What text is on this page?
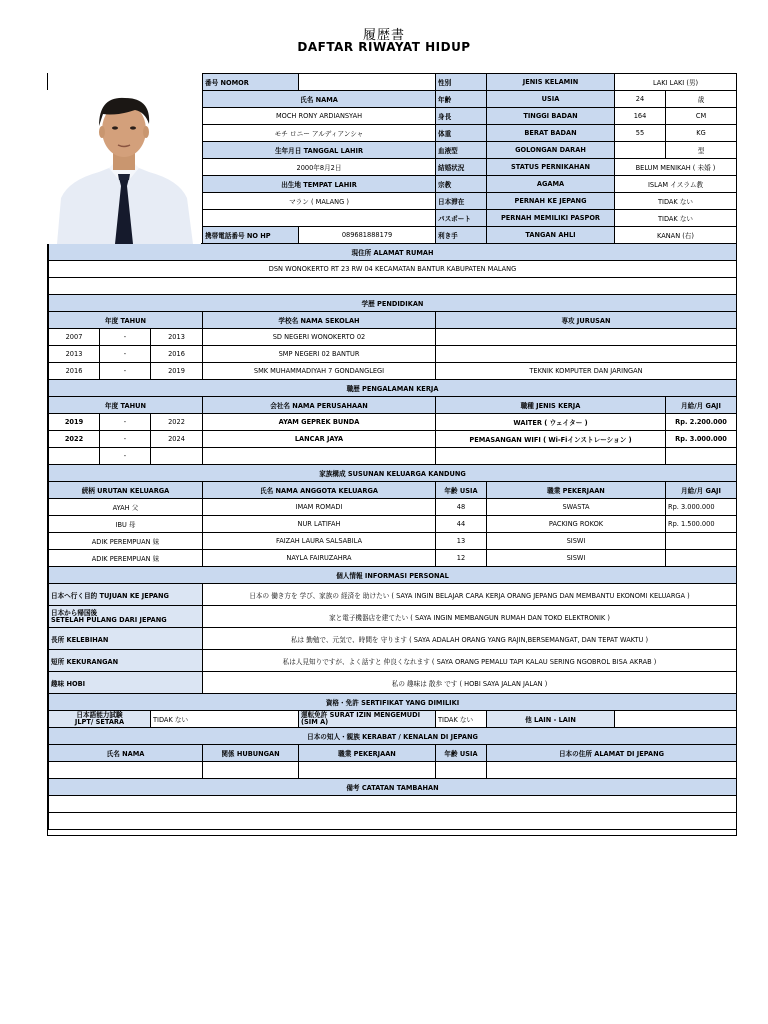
履歴書
DAFTAR RIWAYAT HIDUP
			番号 NOMOR		性別	JENIS KELAMIN	LAKI LAKI (男)	
			氏名 NAMA		年齢	USIA	24	歳
			MOCH RONY ARDIANSYAH		身長	TINGGI BADAN	164	CM
			モチ ロニー アルディアンシャ		体重	BERAT BADAN	55	KG
			生年月日 TANGGAL LAHIR		血液型	GOLONGAN DARAH		型
			2000年8月2日		結婚状況	STATUS PERNIKAHAN	BELUM MENIKAH ( 未婚 )	
			出生地 TEMPAT LAHIR		宗教	AGAMA	ISLAM イスラム教	
			マラン ( MALANG )		日本滞在	PERNAH KE JEPANG	TIDAK ない	
					パスポート	PERNAH MEMILIKI PASPOR	TIDAK ない	
			携帯電話番号 NO HP	089681888179	利き手	TANGAN AHLI	KANAN (右)	
現住所 ALAMAT RUMAH								
DSN WONOKERTO RT 23 RW 04 KECAMATAN BANTUR KABUPATEN MALANG								

学歴 PENDIDIKAN								
年度 TAHUN			学校名 NAMA SEKOLAH		専攻 JURUSAN			
2007	-	2013	SD NEGERI WONOKERTO 02					
2013	-	2016	SMP NEGERI 02 BANTUR					
2016	-	2019	SMK MUHAMMADIYAH 7 GONDANGLEGI		TEKNIK KOMPUTER DAN JARINGAN			
職歴 PENGALAMAN KERJA								
年度 TAHUN			会社名 NAMA PERUSAHAAN		職種 JENIS KERJA			月給/月 GAJI
2019	-	2022	AYAM GEPREK BUNDA		WAITER ( ウェイター )			Rp. 2.200.000
2022	-	2024	LANCAR JAYA		PEMASANGAN WIFI ( Wi-Fiインストレーション )			Rp. 3.000.000
	-							
家族構成 SUSUNAN KELUARGA KANDUNG								
続柄 URUTAN KELUARGA			氏名 NAMA ANGGOTA KELUARGA		年齢 USIA	職業 PEKERJAAN		月給/月 GAJI
AYAH 父			IMAM ROMADI		48	SWASTA		Rp. 3.000.000
IBU 母			NUR LATIFAH		44	PACKING ROKOK		Rp. 1.500.000
ADIK PEREMPUAN 妹			FAIZAH LAURA SALSABILA		13	SISWI		
ADIK PEREMPUAN 妹			NAYLA FAIRUZAHRA		12	SISWI		
個人情報 INFORMASI PERSONAL								
日本へ行く目的 TUJUAN KE JEPANG			日本の 働き方を 学び、家族の 経済を 助けたい ( SAYA INGIN BELAJAR CARA KERJA ORANG JEPANG DAN MEMBANTU EKONOMI KELUARGA )					
日本から帰国後
SETELAH PULANG DARI JEPANG			家と電子機器店を建てたい ( SAYA INGIN MEMBANGUN RUMAH DAN TOKO ELEKTRONIK )					
長所 KELEBIHAN			私は 勤勉で、元気で、時間を 守ります ( SAYA ADALAH ORANG YANG RAJIN,BERSEMANGAT, DAN TEPAT WAKTU )					
短所 KEKURANGAN			私は人見知りですが、よく話すと 仲良くなれます ( SAYA ORANG PEMALU TAPI KALAU SERING NGOBROL BISA AKRAB )					
趣味 HOBI			私の 趣味は 散歩 です ( HOBI SAYA JALAN JALAN )					
資格・免許 SERTIFIKAT YANG DIMILIKI								
日本語能力試験
JLPT/ SETARA		TIDAK ない		運転免許 SURAT IZIN MENGEMUDI (SIM A)	TIDAK ない	他 LAIN - LAIN		
日本の知人・親族 KERABAT / KENALAN DI JEPANG								
氏名 NAMA			関係 HUBUNGAN	職業 PEKERJAAN	年齢 USIA	日本の住所 ALAMAT DI JEPANG		

備考 CATATAN TAMBAHAN								
